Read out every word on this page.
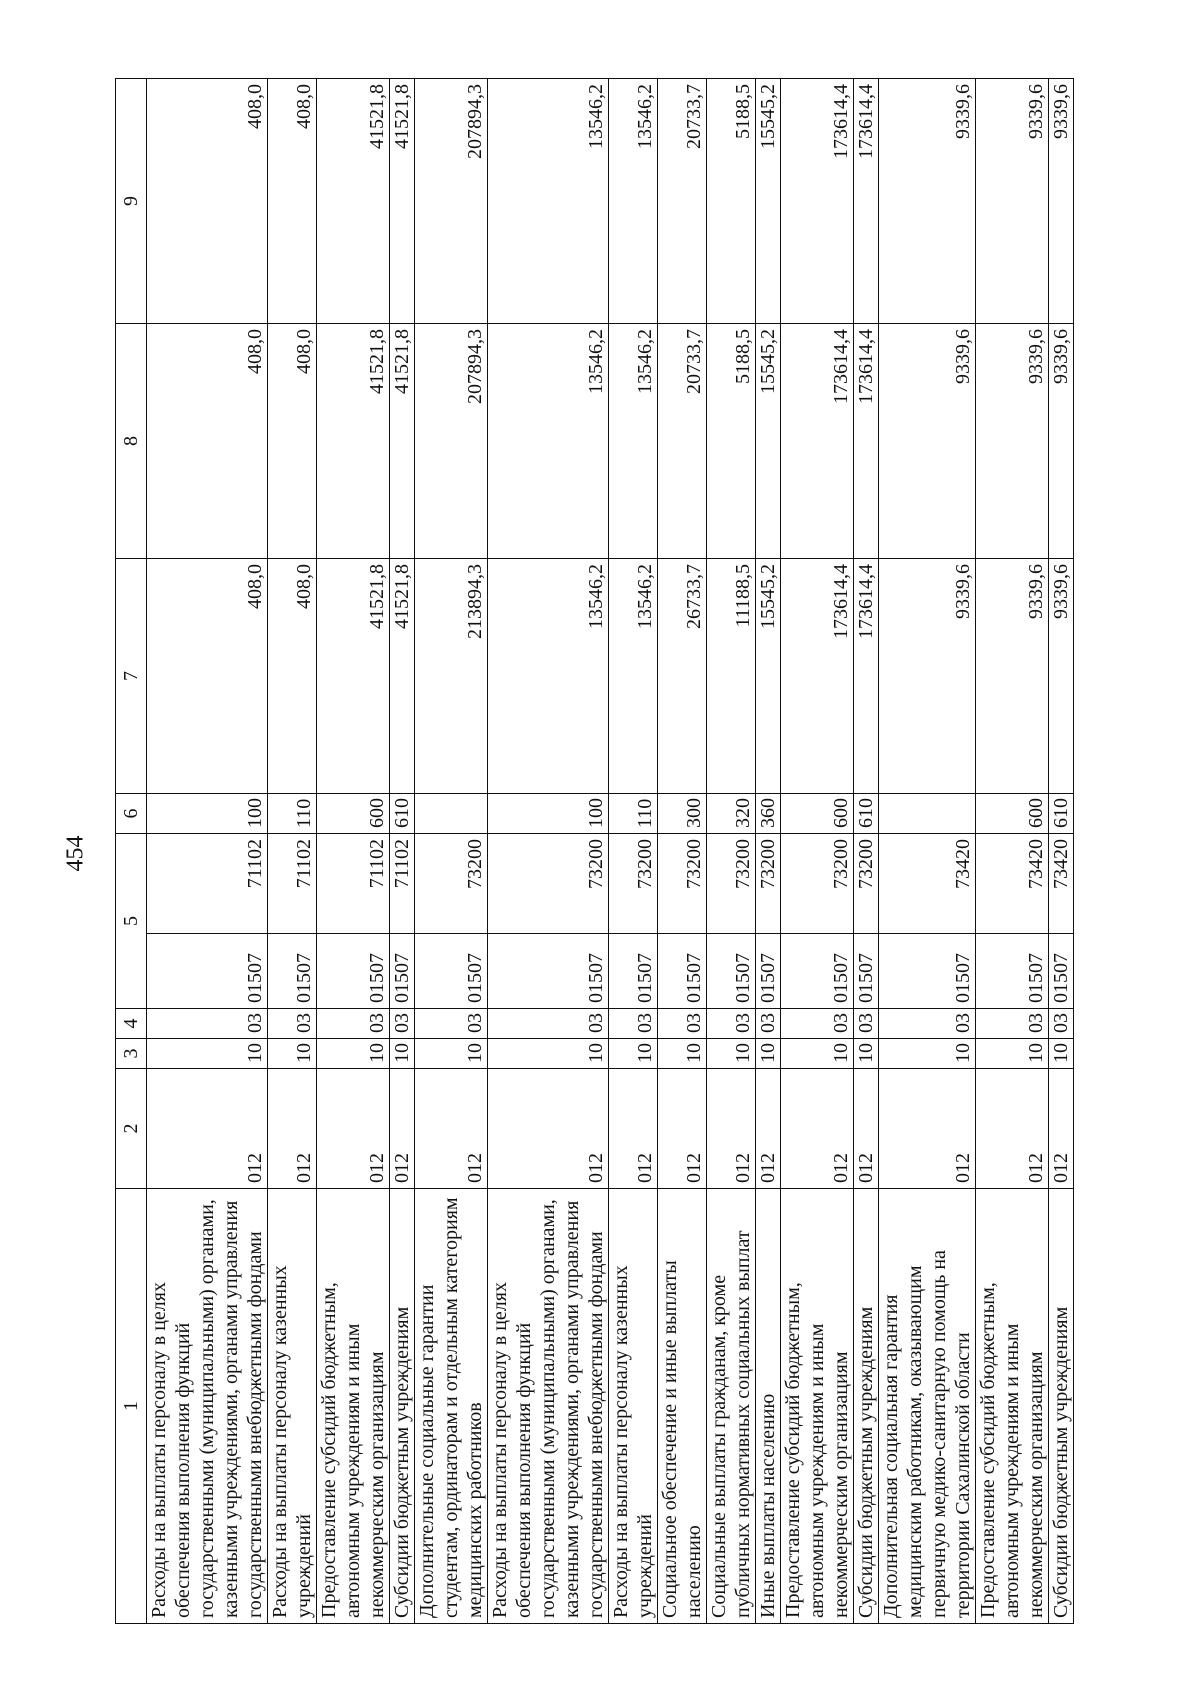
454
1	2	3	4	5		6	7	8	9
Расходы на выплаты персоналу в целях обеспечения выполнения функций государственными (муниципальными) органами, казенными учреждениями, органами управления государственными внебюджетными фондами	012	10	03	01507	71102	100	408,0	408,0	408,0
Расходы на выплаты персоналу казенных учреждений	012	10	03	01507	71102	110	408,0	408,0	408,0
Предоставление субсидий бюджетным, автономным учреждениям и иным некоммерческим организациям	012	10	03	01507	71102	600	41521,8	41521,8	41521,8
Субсидии бюджетным учреждениям	012	10	03	01507	71102	610	41521,8	41521,8	41521,8
Дополнительные социальные гарантии студентам, ординаторам и отдельным категориям медицинских работников	012	10	03	01507	73200		213894,3	207894,3	207894,3
Расходы на выплаты персоналу в целях обеспечения выполнения функций государственными (муниципальными) органами, казенными учреждениями, органами управления государственными внебюджетными фондами	012	10	03	01507	73200	100	13546,2	13546,2	13546,2
Расходы на выплаты персоналу казенных учреждений	012	10	03	01507	73200	110	13546,2	13546,2	13546,2
Социальное обеспечение и иные выплаты населению	012	10	03	01507	73200	300	26733,7	20733,7	20733,7
Социальные выплаты гражданам, кроме публичных нормативных социальных выплат	012	10	03	01507	73200	320	11188,5	5188,5	5188,5
Иные выплаты населению	012	10	03	01507	73200	360	15545,2	15545,2	15545,2
Предоставление субсидий бюджетным, автономным учреждениям и иным некоммерческим организациям	012	10	03	01507	73200	600	173614,4	173614,4	173614,4
Субсидии бюджетным учреждениям	012	10	03	01507	73200	610	173614,4	173614,4	173614,4
Дополнительная социальная гарантия медицинским работникам, оказывающим первичную медико-санитарную помощь на территории Сахалинской области	012	10	03	01507	73420		9339,6	9339,6	9339,6
Предоставление субсидий бюджетным, автономным учреждениям и иным некоммерческим организациям	012	10	03	01507	73420	600	9339,6	9339,6	9339,6
Субсидии бюджетным учреждениям	012	10	03	01507	73420	610	9339,6	9339,6	9339,6
